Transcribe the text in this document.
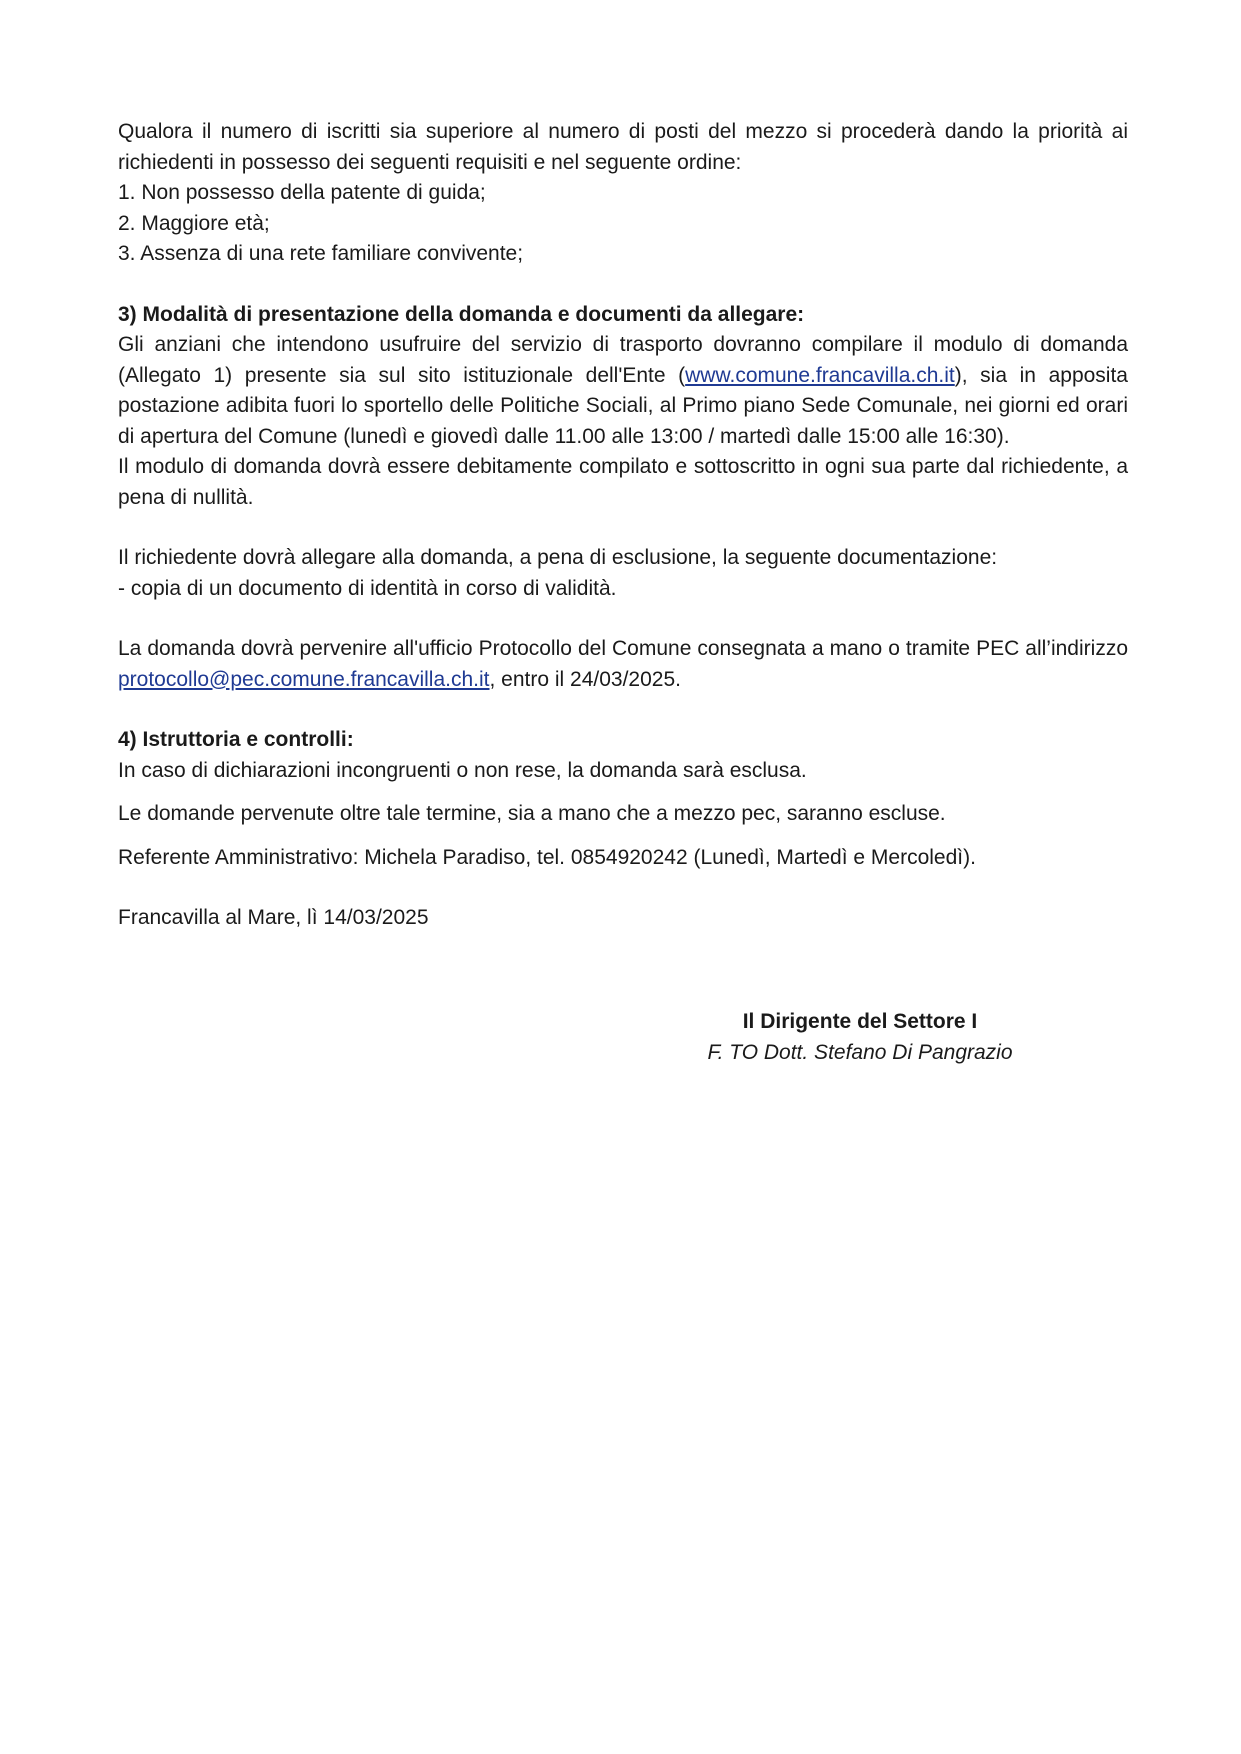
Qualora il numero di iscritti sia superiore al numero di posti del mezzo si procederà dando la priorità ai richiedenti in possesso dei seguenti requisiti e nel seguente ordine:

1. Non possesso della patente di guida;
2. Maggiore età;
3. Assenza di una rete familiare convivente;

3) Modalità di presentazione della domanda e documenti da allegare:

Gli anziani che intendono usufruire del servizio di trasporto dovranno compilare il modulo di domanda (Allegato 1) presente sia sul sito istituzionale dell'Ente (www.comune.francavilla.ch.it), sia in apposita postazione adibita fuori lo sportello delle Politiche Sociali, al Primo piano Sede Comunale, nei giorni ed orari di apertura del Comune (lunedì e giovedì dalle 11.00 alle 13:00 / martedì dalle 15:00 alle 16:30).

Il modulo di domanda dovrà essere debitamente compilato e sottoscritto in ogni sua parte dal richiedente, a pena di nullità.

Il richiedente dovrà allegare alla domanda, a pena di esclusione, la seguente documentazione:

- copia di un documento di identità in corso di validità.

La domanda dovrà pervenire all'ufficio Protocollo del Comune consegnata a mano o tramite PEC all’indirizzo protocollo@pec.comune.francavilla.ch.it, entro il 24/03/2025.

4) Istruttoria e controlli:

In caso di dichiarazioni incongruenti o non rese, la domanda sarà esclusa.

Le domande pervenute oltre tale termine, sia a mano che a mezzo pec, saranno escluse.

Referente Amministrativo: Michela Paradiso, tel. 0854920242 (Lunedì, Martedì e Mercoledì).

Francavilla al Mare, lì 14/03/2025

Il Dirigente del Settore I
F. TO Dott. Stefano Di Pangrazio
